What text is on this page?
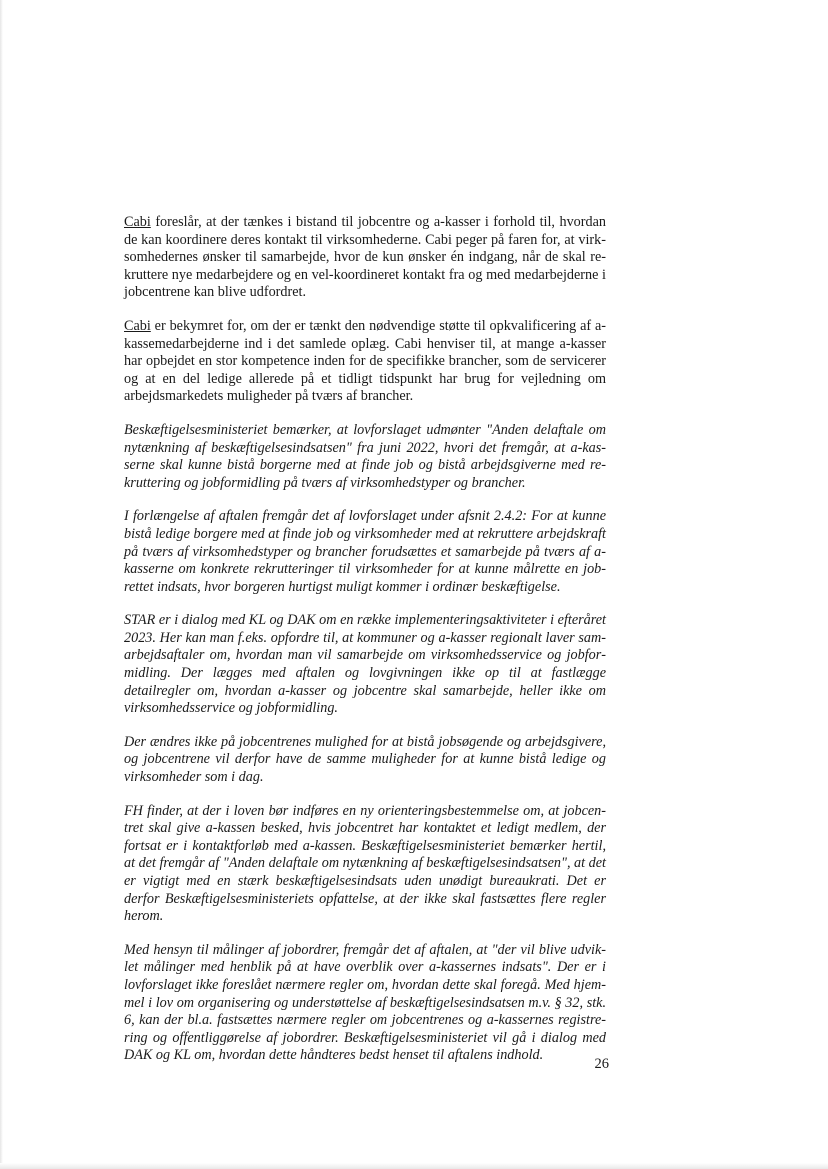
Cabi foreslår, at der tænkes i bistand til jobcentre og a-kasser i forhold til, hvordan de kan koordinere deres kontakt til virksomhederne. Cabi peger på faren for, at virksomhedernes ønsker til samarbejde, hvor de kun ønsker én indgang, når de skal rekruttere nye medarbejdere og en vel-koordineret kontakt fra og med medarbejderne i jobcentrene kan blive udfordret.

Cabi er bekymret for, om der er tænkt den nødvendige støtte til opkvalificering af a-kassemedarbejderne ind i det samlede oplæg. Cabi henviser til, at mange a-kasser har opbejdet en stor kompetence inden for de specifikke brancher, som de servicerer og at en del ledige allerede på et tidligt tidspunkt har brug for vejledning om arbejdsmarkedets muligheder på tværs af brancher.

Beskæftigelsesministeriet bemærker, at lovforslaget udmønter "Anden delaftale om nytænkning af beskæftigelsesindsatsen" fra juni 2022, hvori det fremgår, at a-kasserne skal kunne bistå borgerne med at finde job og bistå arbejdsgiverne med rekruttering og jobformidling på tværs af virksomhedstyper og brancher.

I forlængelse af aftalen fremgår det af lovforslaget under afsnit 2.4.2: For at kunne bistå ledige borgere med at finde job og virksomheder med at rekruttere arbejdskraft på tværs af virksomhedstyper og brancher forudsættes et samarbejde på tværs af a-kasserne om konkrete rekrutteringer til virksomheder for at kunne målrette en jobrettet indsats, hvor borgeren hurtigst muligt kommer i ordinær beskæftigelse.

STAR er i dialog med KL og DAK om en række implementeringsaktiviteter i efteråret 2023. Her kan man f.eks. opfordre til, at kommuner og a-kasser regionalt laver samarbejdsaftaler om, hvordan man vil samarbejde om virksomhedsservice og jobformidling. Der lægges med aftalen og lovgivningen ikke op til at fastlægge detailregler om, hvordan a-kasser og jobcentre skal samarbejde, heller ikke om virksomhedsservice og jobformidling.

Der ændres ikke på jobcentrenes mulighed for at bistå jobsøgende og arbejdsgivere, og jobcentrene vil derfor have de samme muligheder for at kunne bistå ledige og virksomheder som i dag.

FH finder, at der i loven bør indføres en ny orienteringsbestemmelse om, at jobcentret skal give a-kassen besked, hvis jobcentret har kontaktet et ledigt medlem, der fortsat er i kontaktforløb med a-kassen. Beskæftigelsesministeriet bemærker hertil, at det fremgår af "Anden delaftale om nytænkning af beskæftigelsesindsatsen", at det er vigtigt med en stærk beskæftigelsesindsats uden unødigt bureaukrati. Det er derfor Beskæftigelsesministeriets opfattelse, at der ikke skal fastsættes flere regler herom.

Med hensyn til målinger af jobordrer, fremgår det af aftalen, at "der vil blive udviklet målinger med henblik på at have overblik over a-kassernes indsats". Der er i lovforslaget ikke foreslået nærmere regler om, hvordan dette skal foregå. Med hjemmel i lov om organisering og understøttelse af beskæftigelsesindsatsen m.v. § 32, stk. 6, kan der bl.a. fastsættes nærmere regler om jobcentrenes og a-kassernes registrering og offentliggørelse af jobordrer. Beskæftigelsesministeriet vil gå i dialog med DAK og KL om, hvordan dette håndteres bedst henset til aftalens indhold.

26
